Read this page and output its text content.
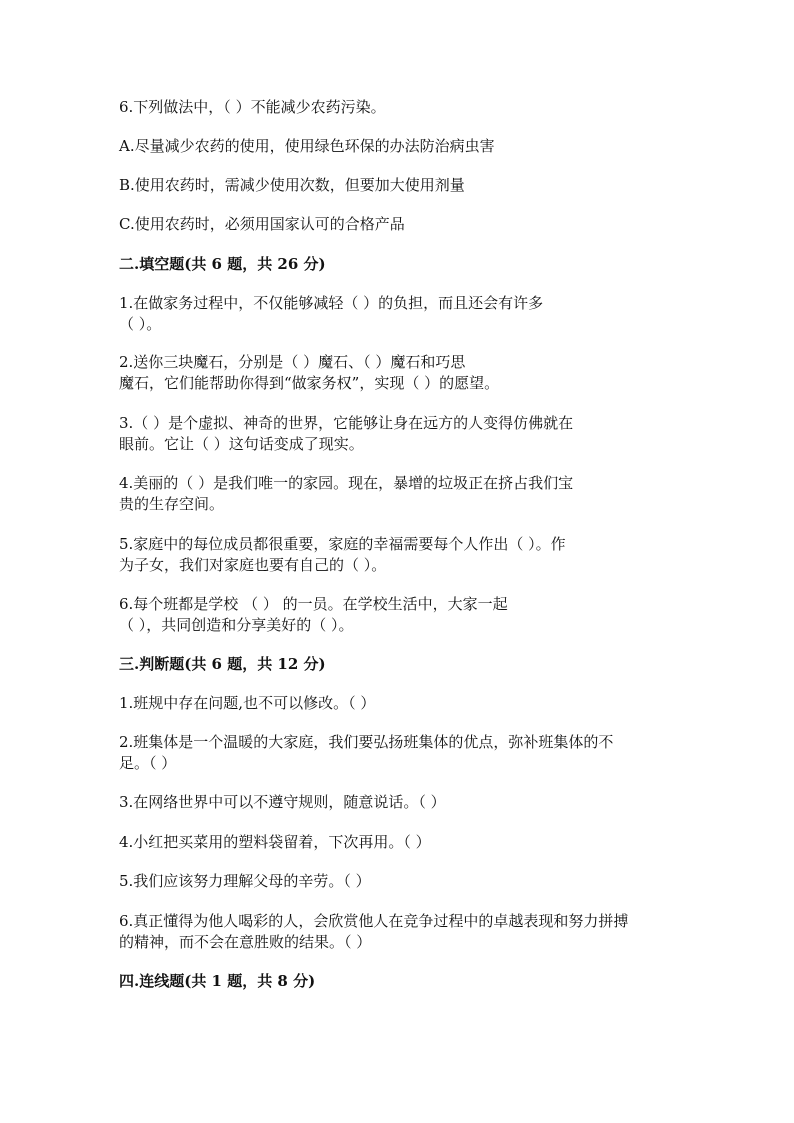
6.下列做法中，（ ）不能减少农药污染。

A.尽量减少农药的使用，使用绿色环保的办法防治病虫害

B.使用农药时，需减少使用次数，但要加大使用剂量

C.使用农药时，必须用国家认可的合格产品

二.填空题(共 6 题，共 26 分)

1.在做家务过程中，不仅能够减轻（ ）的负担，而且还会有许多

（ ）。

2.送你三块魔石，分别是（ ）魔石、（ ）魔石和巧思

魔石，它们能帮助你得到“做家务权”，实现（ ）的愿望。

3.（ ）是个虚拟、神奇的世界，它能够让身在远方的人变得仿佛就在

眼前。它让（ ）这句话变成了现实。

4.美丽的（ ）是我们唯一的家园。现在，暴增的垃圾正在挤占我们宝

贵的生存空间。

5.家庭中的每位成员都很重要，家庭的幸福需要每个人作出（ ）。作

为子女，我们对家庭也要有自己的（ ）。

6.每个班都是学校 （ ） 的一员。在学校生活中，大家一起

（ ），共同创造和分享美好的（ ）。

三.判断题(共 6 题，共 12 分)

1.班规中存在问题,也不可以修改。（ ）

2.班集体是一个温暖的大家庭，我们要弘扬班集体的优点，弥补班集体的不

足。（ ）

3.在网络世界中可以不遵守规则，随意说话。（ ）

4.小红把买菜用的塑料袋留着，下次再用。（ ）

5.我们应该努力理解父母的辛劳。（ ）

6.真正懂得为他人喝彩的人，会欣赏他人在竞争过程中的卓越表现和努力拼搏

的精神，而不会在意胜败的结果。（ ）

四.连线题(共 1 题，共 8 分)
